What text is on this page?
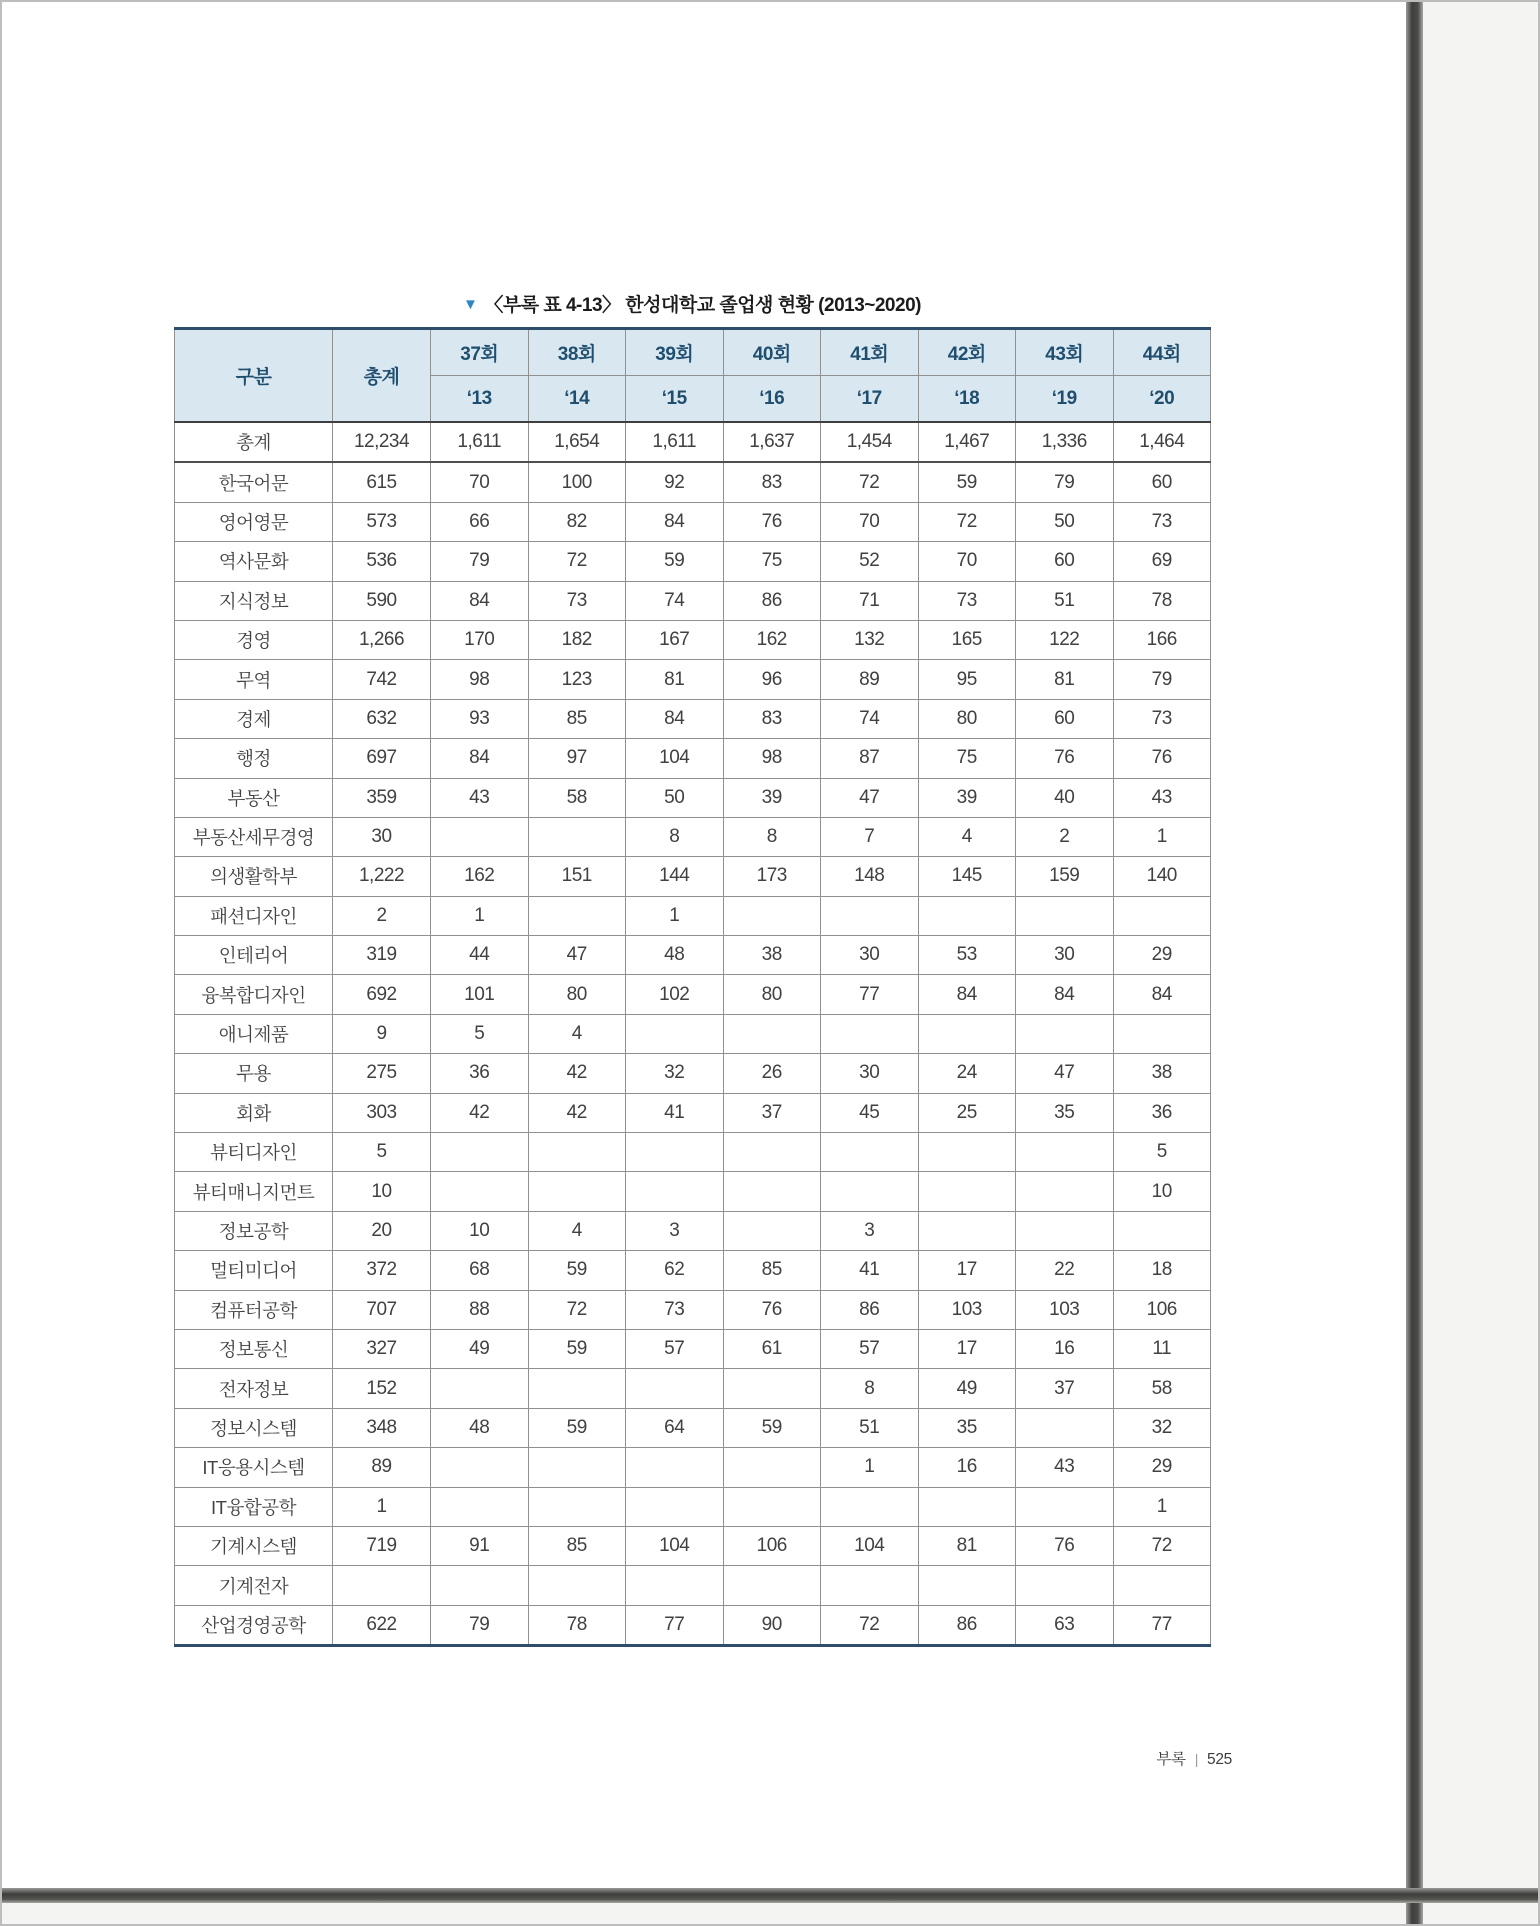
▼ 〈부록 표 4-13〉 한성대학교 졸업생 현황 (2013~2020)
구분	총계	37회	38회	39회	40회	41회	42회	43회	44회
		‘13	‘14	‘15	‘16	‘17	‘18	‘19	‘20
총계	12,234	1,611	1,654	1,611	1,637	1,454	1,467	1,336	1,464
한국어문	615	70	100	92	83	72	59	79	60
영어영문	573	66	82	84	76	70	72	50	73
역사문화	536	79	72	59	75	52	70	60	69
지식정보	590	84	73	74	86	71	73	51	78
경영	1,266	170	182	167	162	132	165	122	166
무역	742	98	123	81	96	89	95	81	79
경제	632	93	85	84	83	74	80	60	73
행정	697	84	97	104	98	87	75	76	76
부동산	359	43	58	50	39	47	39	40	43
부동산세무경영	30			8	8	7	4	2	1
의생활학부	1,222	162	151	144	173	148	145	159	140
패션디자인	2	1		1					
인테리어	319	44	47	48	38	30	53	30	29
융복합디자인	692	101	80	102	80	77	84	84	84
애니제품	9	5	4						
무용	275	36	42	32	26	30	24	47	38
회화	303	42	42	41	37	45	25	35	36
뷰티디자인	5								5
뷰티매니지먼트	10								10
정보공학	20	10	4	3		3			
멀티미디어	372	68	59	62	85	41	17	22	18
컴퓨터공학	707	88	72	73	76	86	103	103	106
정보통신	327	49	59	57	61	57	17	16	11
전자정보	152					8	49	37	58
정보시스템	348	48	59	64	59	51	35		32
IT응용시스템	89					1	16	43	29
IT융합공학	1								1
기계시스템	719	91	85	104	106	104	81	76	72
기계전자									
산업경영공학	622	79	78	77	90	72	86	63	77
부록 | 525
